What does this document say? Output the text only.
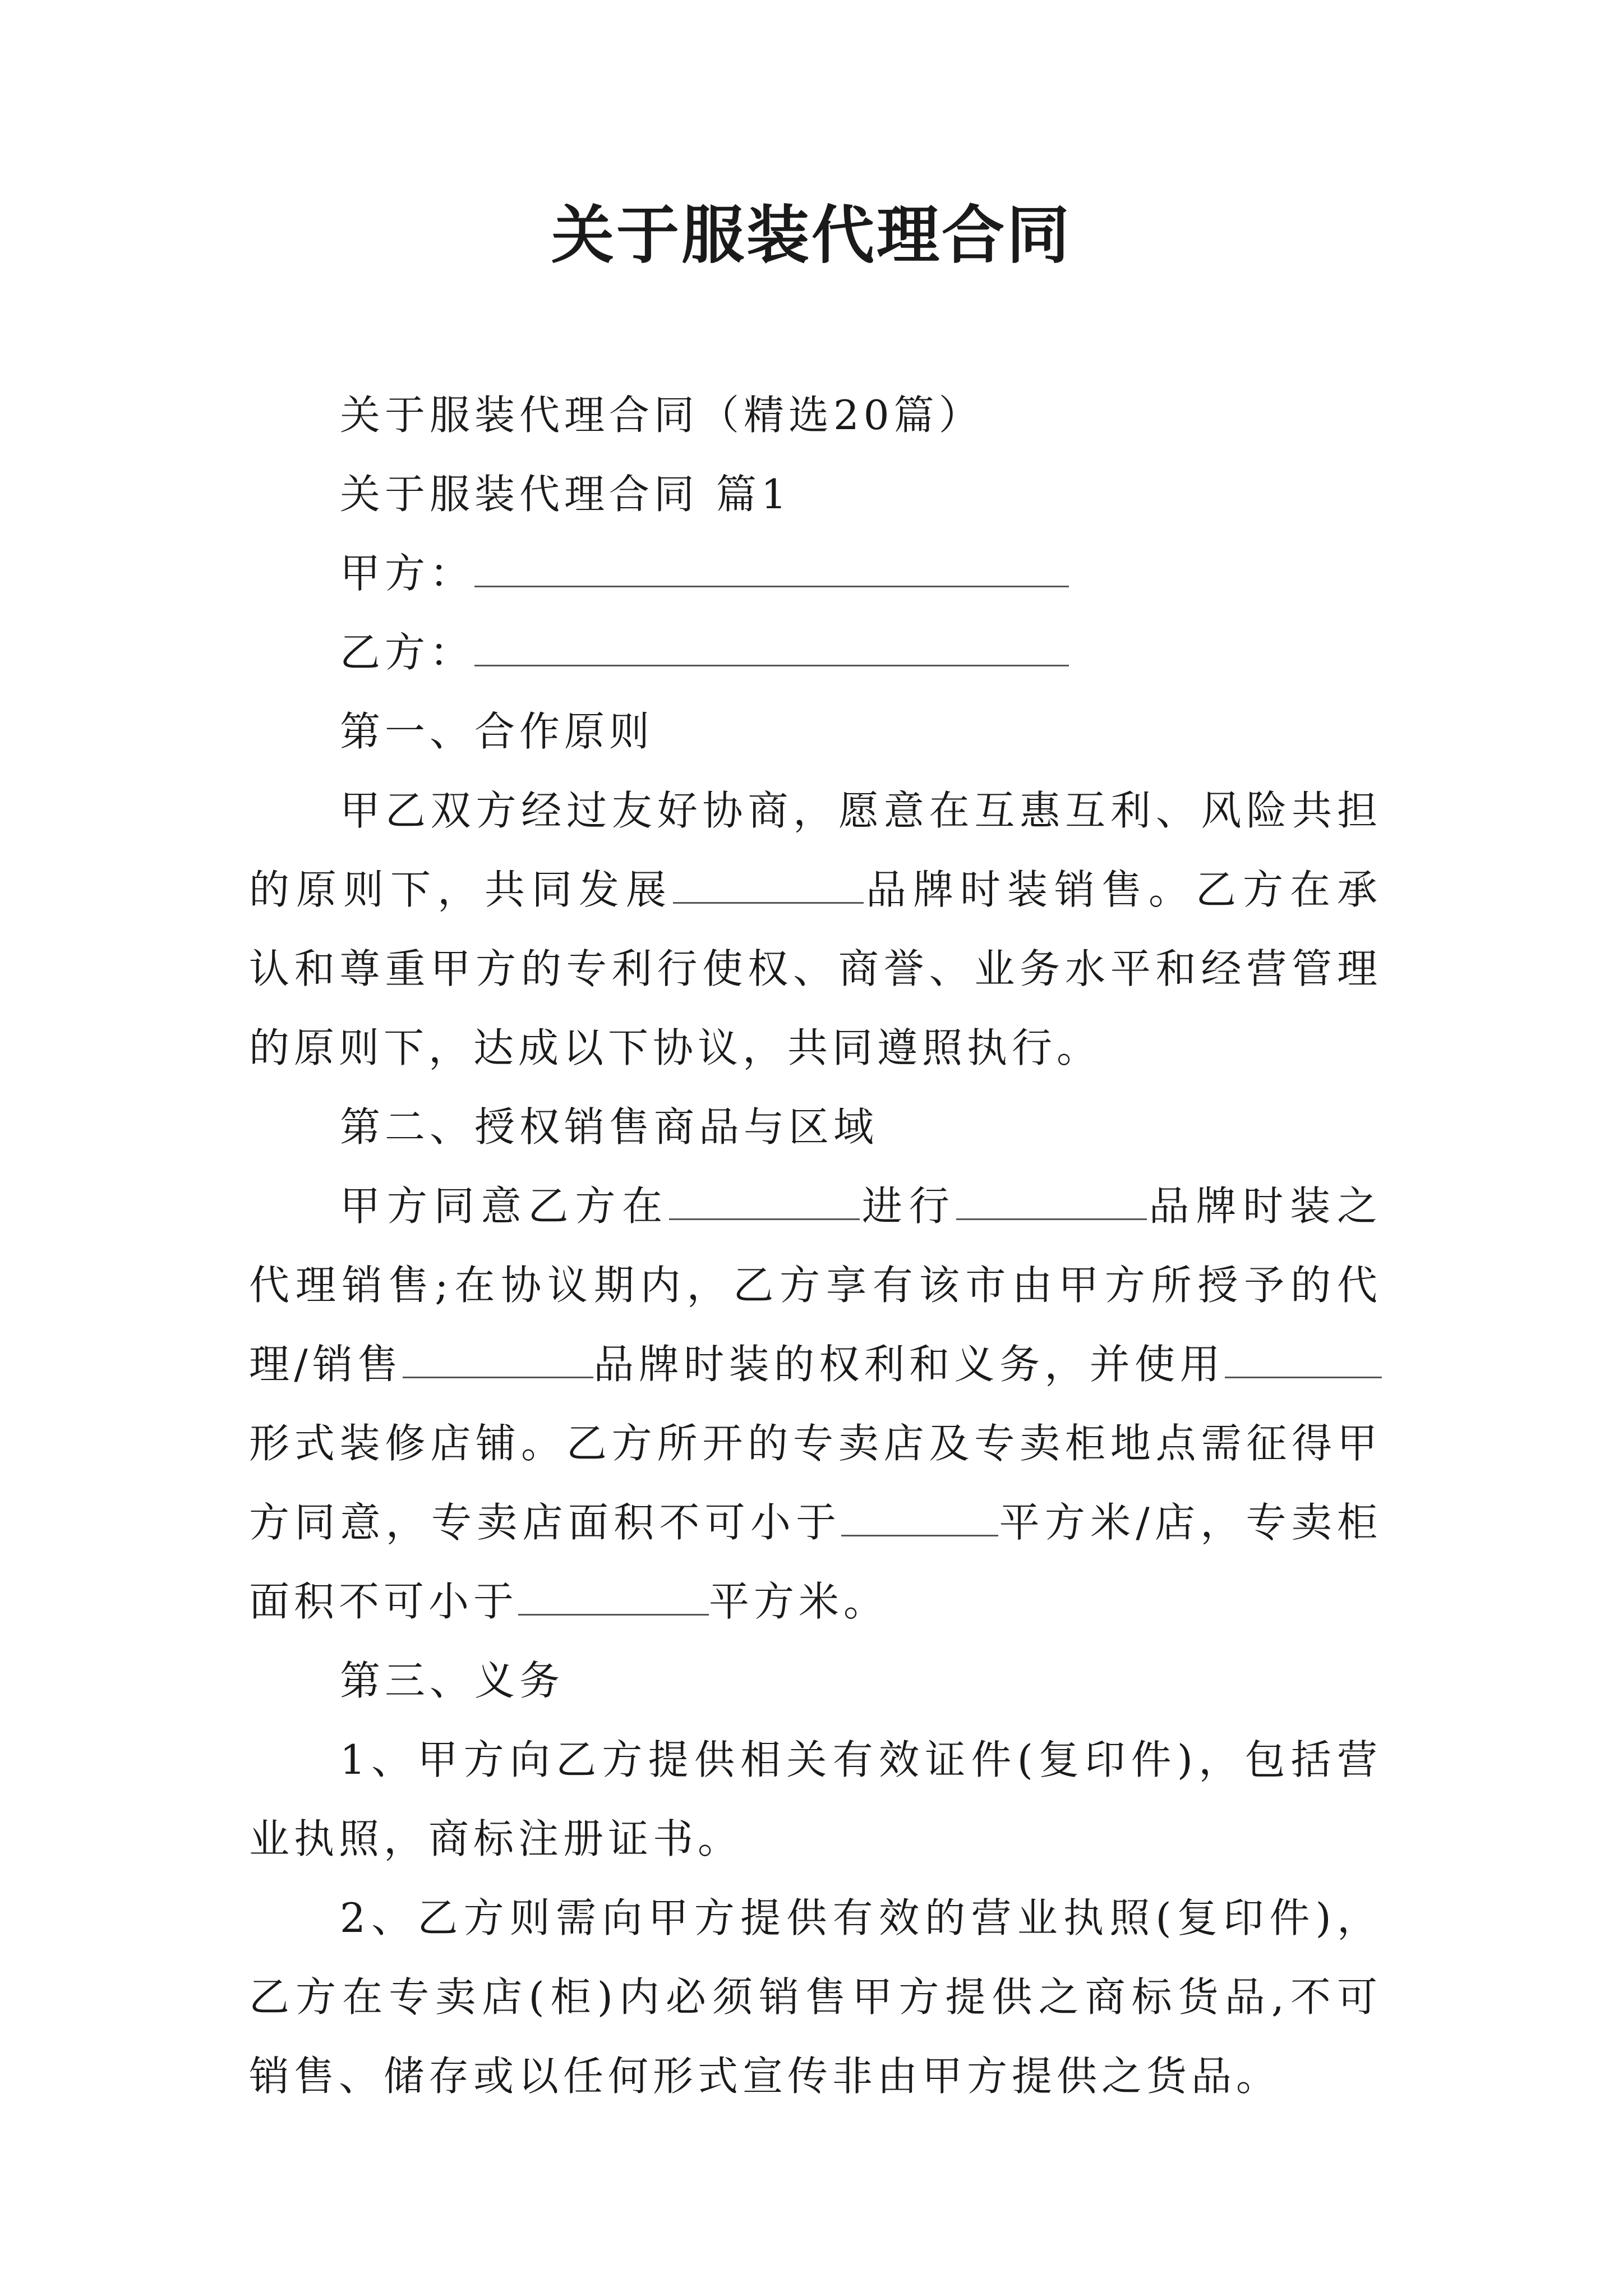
关于服装代理合同

关于服装代理合同（精选20篇）

关于服装代理合同 篇1

甲方：

乙方：

第一、合作原则

甲乙双方经过友好协商，愿意在互惠互利、风险共担的原则下，共同发展	品牌时装销售。乙方在承认和尊重甲方的专利行使权、商誉、业务水平和经营管理的原则下，达成以下协议，共同遵照执行。

第二、授权销售商品与区域

甲方同意乙方在	进行	品牌时装之代理销售;在协议期内，乙方享有该市由甲方所授予的代理/销售	品牌时装的权利和义务，并使用形式装修店铺。乙方所开的专卖店及专卖柜地点需征得甲方同意，专卖店面积不可小于	平方米/店，专卖柜面积不可小于	平方米。

第三、义务

1、甲方向乙方提供相关有效证件(复印件)，包括营业执照，商标注册证书。

2、乙方则需向甲方提供有效的营业执照(复印件)，乙方在专卖店(柜)内必须销售甲方提供之商标货品,不可销售、储存或以任何形式宣传非由甲方提供之货品。
